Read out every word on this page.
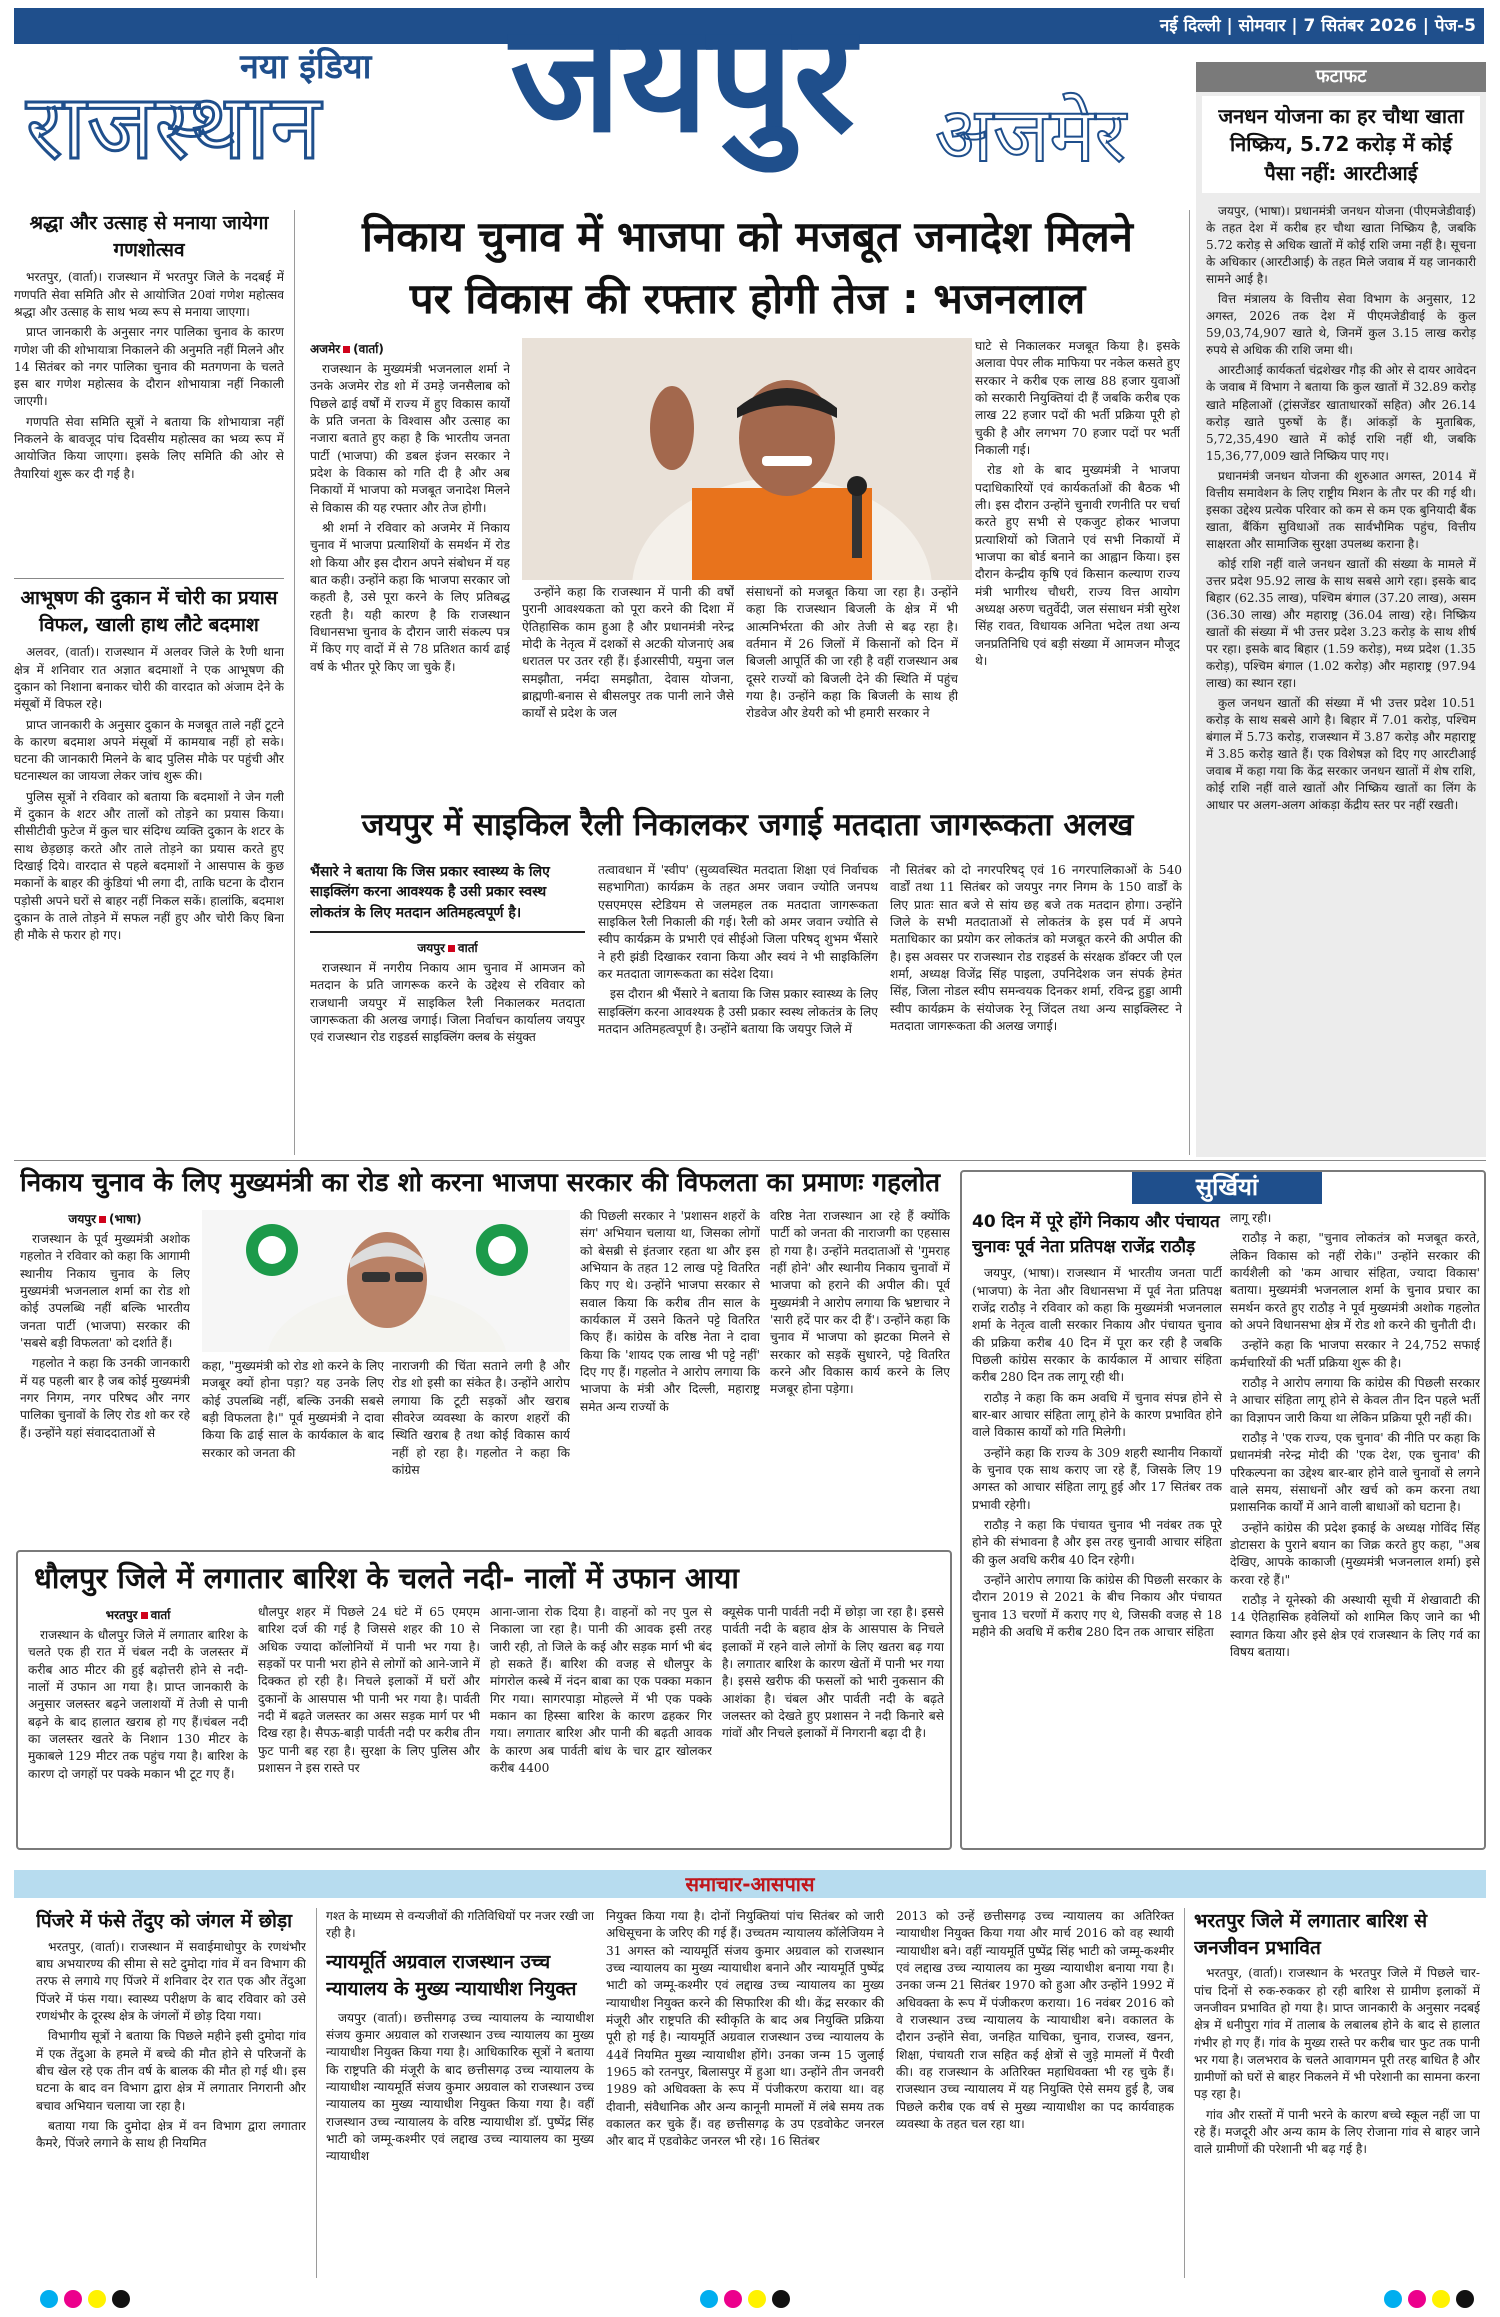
नया इंडिया
राजस्थान जयपुर अजमेर
नई दिल्ली | सोमवार | 7 सितंबर 2026 | पेज-5
फटाफट
जनधन योजना का हर चौथा खाता निष्क्रिय, 5.72 करोड़ में कोई पैसा नहीं: आरटीआई

जयपुर, (भाषा)। प्रधानमंत्री जनधन योजना (पीएमजेडीवाई) के तहत देश में करीब हर चौथा खाता निष्क्रिय है, जबकि 5.72 करोड़ से अधिक खातों में कोई राशि जमा नहीं है। सूचना के अधिकार (आरटीआई) के तहत मिले जवाब में यह जानकारी सामने आई है।

वित्त मंत्रालय के वित्तीय सेवा विभाग के अनुसार, 12 अगस्त, 2026 तक देश में पीएमजेडीवाई के कुल 59,03,74,907 खाते थे, जिनमें कुल 3.15 लाख करोड़ रुपये से अधिक की राशि जमा थी।

आरटीआई कार्यकर्ता चंद्रशेखर गौड़ की ओर से दायर आवेदन के जवाब में विभाग ने बताया कि कुल खातों में 32.89 करोड़ खाते महिलाओं (ट्रांसजेंडर खाताधारकों सहित) और 26.14 करोड़ खाते पुरुषों के हैं। आंकड़ों के मुताबिक, 5,72,35,490 खाते में कोई राशि नहीं थी, जबकि 15,36,77,009 खाते निष्क्रिय पाए गए।

प्रधानमंत्री जनधन योजना की शुरुआत अगस्त, 2014 में वित्तीय समावेशन के लिए राष्ट्रीय मिशन के तौर पर की गई थी। इसका उद्देश्य प्रत्येक परिवार को कम से कम एक बुनियादी बैंक खाता, बैंकिंग सुविधाओं तक सार्वभौमिक पहुंच, वित्तीय साक्षरता और सामाजिक सुरक्षा उपलब्ध कराना है।

कोई राशि नहीं वाले जनधन खातों की संख्या के मामले में उत्तर प्रदेश 95.92 लाख के साथ सबसे आगे रहा। इसके बाद बिहार (62.35 लाख), पश्चिम बंगाल (37.20 लाख), असम (36.30 लाख) और महाराष्ट्र (36.04 लाख) रहे। निष्क्रिय खातों की संख्या में भी उत्तर प्रदेश 3.23 करोड़ के साथ शीर्ष पर रहा। इसके बाद बिहार (1.59 करोड़), मध्य प्रदेश (1.35 करोड़), पश्चिम बंगाल (1.02 करोड़) और महाराष्ट्र (97.94 लाख) का स्थान रहा।

कुल जनधन खातों की संख्या में भी उत्तर प्रदेश 10.51 करोड़ के साथ सबसे आगे है। बिहार में 7.01 करोड़, पश्चिम बंगाल में 5.73 करोड़, राजस्थान में 3.87 करोड़ और महाराष्ट्र में 3.85 करोड़ खाते हैं। एक विशेषज्ञ को दिए गए आरटीआई जवाब में कहा गया कि केंद्र सरकार जनधन खातों में शेष राशि, कोई राशि नहीं वाले खातों और निष्क्रिय खातों का लिंग के आधार पर अलग-अलग आंकड़ा केंद्रीय स्तर पर नहीं रखती।

श्रद्धा और उत्साह से मनाया जायेगा गणशोत्सव

भरतपुर, (वार्ता)। राजस्थान में भरतपुर जिले के नदबई में गणपति सेवा समिति और से आयोजित 20वां गणेश महोत्सव श्रद्धा और उत्साह के साथ भव्य रूप से मनाया जाएगा।

प्राप्त जानकारी के अनुसार नगर पालिका चुनाव के कारण गणेश जी की शोभायात्रा निकालने की अनुमति नहीं मिलने और 14 सितंबर को नगर पालिका चुनाव की मतगणना के चलते इस बार गणेश महोत्सव के दौरान शोभायात्रा नहीं निकाली जाएगी।

गणपति सेवा समिति सूत्रों ने बताया कि शोभायात्रा नहीं निकलने के बावजूद पांच दिवसीय महोत्सव का भव्य रूप में आयोजित किया जाएगा। इसके लिए समिति की ओर से तैयारियां शुरू कर दी गई है।

आभूषण की दुकान में चोरी का प्रयास विफल, खाली हाथ लौटे बदमाश

अलवर, (वार्ता)। राजस्थान में अलवर जिले के रैणी थाना क्षेत्र में शनिवार रात अज्ञात बदमाशों ने एक आभूषण की दुकान को निशाना बनाकर चोरी की वारदात को अंजाम देने के मंसूबों में विफल रहे।

प्राप्त जानकारी के अनुसार दुकान के मजबूत ताले नहीं टूटने के कारण बदमाश अपने मंसूबों में कामयाब नहीं हो सके। घटना की जानकारी मिलने के बाद पुलिस मौके पर पहुंची और घटनास्थल का जायजा लेकर जांच शुरू की।

पुलिस सूत्रों ने रविवार को बताया कि बदमाशों ने जेन गली में दुकान के शटर और तालों को तोड़ने का प्रयास किया। सीसीटीवी फुटेज में कुल चार संदिग्ध व्यक्ति दुकान के शटर के साथ छेड़छाड़ करते और ताले तोड़ने का प्रयास करते हुए दिखाई दिये। वारदात से पहले बदमाशों ने आसपास के कुछ मकानों के बाहर की कुंडियां भी लगा दी, ताकि घटना के दौरान पड़ोसी अपने घरों से बाहर नहीं निकल सकें। हालांकि, बदमाश दुकान के ताले तोड़ने में सफल नहीं हुए और चोरी किए बिना ही मौके से फरार हो गए।

निकाय चुनाव में भाजपा को मजबूत जनादेश मिलने
पर विकास की रफ्तार होगी तेज : भजनलाल
अजमेर (वार्ता)

राजस्थान के मुख्यमंत्री भजनलाल शर्मा ने उनके अजमेर रोड शो में उमड़े जनसैलाब को पिछले ढाई वर्षों में राज्य में हुए विकास कार्यों के प्रति जनता के विश्वास और उत्साह का नजारा बताते हुए कहा है कि भारतीय जनता पार्टी (भाजपा) की डबल इंजन सरकार ने प्रदेश के विकास को गति दी है और अब निकायों में भाजपा को मजबूत जनादेश मिलने से विकास की यह रफ्तार और तेज होगी।

श्री शर्मा ने रविवार को अजमेर में निकाय चुनाव में भाजपा प्रत्याशियों के समर्थन में रोड शो किया और इस दौरान अपने संबोधन में यह बात कही। उन्होंने कहा कि भाजपा सरकार जो कहती है, उसे पूरा करने के लिए प्रतिबद्ध रहती है। यही कारण है कि राजस्थान विधानसभा चुनाव के दौरान जारी संकल्प पत्र में किए गए वादों में से 78 प्रतिशत कार्य ढाई वर्ष के भीतर पूरे किए जा चुके हैं।

उन्होंने कहा कि राजस्थान में पानी की वर्षों पुरानी आवश्यकता को पूरा करने की दिशा में ऐतिहासिक काम हुआ है और प्रधानमंत्री नरेन्द्र मोदी के नेतृत्व में दशकों से अटकी योजनाएं अब धरातल पर उतर रही हैं। ईआरसीपी, यमुना जल समझौता, नर्मदा समझौता, देवास योजना, ब्राह्मणी-बनास से बीसलपुर तक पानी लाने जैसे कार्यों से प्रदेश के जल

संसाधनों को मजबूत किया जा रहा है। उन्होंने कहा कि राजस्थान बिजली के क्षेत्र में भी आत्मनिर्भरता की ओर तेजी से बढ़ रहा है। वर्तमान में 26 जिलों में किसानों को दिन में बिजली आपूर्ति की जा रही है वहीं राजस्थान अब दूसरे राज्यों को बिजली देने की स्थिति में पहुंच गया है। उन्होंने कहा कि बिजली के साथ ही रोडवेज और डेयरी को भी हमारी सरकार ने

घाटे से निकालकर मजबूत किया है। इसके अलावा पेपर लीक माफिया पर नकेल कसते हुए सरकार ने करीब एक लाख 88 हजार युवाओं को सरकारी नियुक्तियां दी हैं जबकि करीब एक लाख 22 हजार पदों की भर्ती प्रक्रिया पूरी हो चुकी है और लगभग 70 हजार पदों पर भर्ती निकाली गई।

रोड शो के बाद मुख्यमंत्री ने भाजपा पदाधिकारियों एवं कार्यकर्ताओं की बैठक भी ली। इस दौरान उन्होंने चुनावी रणनीति पर चर्चा करते हुए सभी से एकजुट होकर भाजपा प्रत्याशियों को जिताने एवं सभी निकायों में भाजपा का बोर्ड बनाने का आह्वान किया। इस दौरान केन्द्रीय कृषि एवं किसान कल्याण राज्य मंत्री भागीरथ चौधरी, राज्य वित्त आयोग अध्यक्ष अरुण चतुर्वेदी, जल संसाधन मंत्री सुरेश सिंह रावत, विधायक अनिता भदेल तथा अन्य जनप्रतिनिधि एवं बड़ी संख्या में आमजन मौजूद थे।

जयपुर में साइकिल रैली निकालकर जगाई मतदाता जागरूकता अलख
भैंसारे ने बताया कि जिस प्रकार स्वास्थ्य के लिए साइक्लिंग करना आवश्यक है उसी प्रकार स्वस्थ लोकतंत्र के लिए मतदान अतिमहत्वपूर्ण है।
जयपुर वार्ता

राजस्थान में नगरीय निकाय आम चुनाव में आमजन को मतदान के प्रति जागरूक करने के उद्देश्य से रविवार को राजधानी जयपुर में साइकिल रैली निकालकर मतदाता जागरूकता की अलख जगाई। जिला निर्वाचन कार्यालय जयपुर एवं राजस्थान रोड राइडर्स साइक्लिंग क्लब के संयुक्त

तत्वावधान में 'स्वीप' (सुव्यवस्थित मतदाता शिक्षा एवं निर्वाचक सहभागिता) कार्यक्रम के तहत अमर जवान ज्योति जनपथ एसएमएस स्टेडियम से जलमहल तक मतदाता जागरूकता साइकिल रैली निकाली की गई। रैली को अमर जवान ज्योति से स्वीप कार्यक्रम के प्रभारी एवं सीईओ जिला परिषद् शुभम भैंसारे ने हरी झंडी दिखाकर रवाना किया और स्वयं ने भी साइकिलिंग कर मतदाता जागरूकता का संदेश दिया।

इस दौरान श्री भैंसारे ने बताया कि जिस प्रकार स्वास्थ्य के लिए साइक्लिंग करना आवश्यक है उसी प्रकार स्वस्थ लोकतंत्र के लिए मतदान अतिमहत्वपूर्ण है। उन्होंने बताया कि जयपुर जिले में

नौ सितंबर को दो नगरपरिषद् एवं 16 नगरपालिकाओं के 540 वार्डों तथा 11 सितंबर को जयपुर नगर निगम के 150 वार्डों के लिए प्रातः सात बजे से सांय छह बजे तक मतदान होगा। उन्होंने जिले के सभी मतदाताओं से लोकतंत्र के इस पर्व में अपने मताधिकार का प्रयोग कर लोकतंत्र को मजबूत करने की अपील की है। इस अवसर पर राजस्थान रोड राइडर्स के संरक्षक डॉक्टर जी एल शर्मा, अध्यक्ष विजेंद्र सिंह पाइला, उपनिदेशक जन संपर्क हेमंत सिंह, जिला नोडल स्वीप समन्वयक दिनकर शर्मा, रविन्द्र हुड्डा आमी स्वीप कार्यक्रम के संयोजक रेनू जिंदल तथा अन्य साइक्लिस्ट ने मतदाता जागरूकता की अलख जगाई।

निकाय चुनाव के लिए मुख्यमंत्री का रोड शो करना भाजपा सरकार की विफलता का प्रमाणः गहलोत
जयपुर (भाषा)

राजस्थान के पूर्व मुख्यमंत्री अशोक गहलोत ने रविवार को कहा कि आगामी स्थानीय निकाय चुनाव के लिए मुख्यमंत्री भजनलाल शर्मा का रोड शो कोई उपलब्धि नहीं बल्कि भारतीय जनता पार्टी (भाजपा) सरकार की 'सबसे बड़ी विफलता' को दर्शाते हैं।

गहलोत ने कहा कि उनकी जानकारी में यह पहली बार है जब कोई मुख्यमंत्री नगर निगम, नगर परिषद और नगर पालिका चुनावों के लिए रोड शो कर रहे हैं। उन्होंने यहां संवाददाताओं से

कहा, "मुख्यमंत्री को रोड शो करने के लिए मजबूर क्यों होना पड़ा? यह उनके लिए कोई उपलब्धि नहीं, बल्कि उनकी सबसे बड़ी विफलता है।" पूर्व मुख्यमंत्री ने दावा किया कि ढाई साल के कार्यकाल के बाद सरकार को जनता की

नाराजगी की चिंता सताने लगी है और रोड शो इसी का संकेत है। उन्होंने आरोप लगाया कि टूटी सड़कों और खराब सीवरेज व्यवस्था के कारण शहरों की स्थिति खराब है तथा कोई विकास कार्य नहीं हो रहा है। गहलोत ने कहा कि कांग्रेस

की पिछली सरकार ने 'प्रशासन शहरों के संग' अभियान चलाया था, जिसका लोगों को बेसब्री से इंतजार रहता था और इस अभियान के तहत 12 लाख पट्टे वितरित किए गए थे। उन्होंने भाजपा सरकार से सवाल किया कि करीब तीन साल के कार्यकाल में उसने कितने पट्टे वितरित किए हैं। कांग्रेस के वरिष्ठ नेता ने दावा किया कि 'शायद एक लाख भी पट्टे नहीं' दिए गए हैं। गहलोत ने आरोप लगाया कि भाजपा के मंत्री और दिल्ली, महाराष्ट्र समेत अन्य राज्यों के

वरिष्ठ नेता राजस्थान आ रहे हैं क्योंकि पार्टी को जनता की नाराजगी का एहसास हो गया है। उन्होंने मतदाताओं से 'गुमराह नहीं होने' और स्थानीय निकाय चुनावों में भाजपा को हराने की अपील की। पूर्व मुख्यमंत्री ने आरोप लगाया कि भ्रष्टाचार ने 'सारी हदें पार कर दी हैं'। उन्होंने कहा कि चुनाव में भाजपा को झटका मिलने से सरकार को सड़कें सुधारने, पट्टे वितरित करने और विकास कार्य करने के लिए मजबूर होना पड़ेगा।

सुर्खियां
40 दिन में पूरे होंगे निकाय और पंचायत चुनावः पूर्व नेता प्रतिपक्ष राजेंद्र राठौड़

जयपुर, (भाषा)। राजस्थान में भारतीय जनता पार्टी (भाजपा) के नेता और विधानसभा में पूर्व नेता प्रतिपक्ष राजेंद्र राठौड़ ने रविवार को कहा कि मुख्यमंत्री भजनलाल शर्मा के नेतृत्व वाली सरकार निकाय और पंचायत चुनाव की प्रक्रिया करीब 40 दिन में पूरा कर रही है जबकि पिछली कांग्रेस सरकार के कार्यकाल में आचार संहिता करीब 280 दिन तक लागू रही थी।

राठौड़ ने कहा कि कम अवधि में चुनाव संपन्न होने से बार-बार आचार संहिता लागू होने के कारण प्रभावित होने वाले विकास कार्यों को गति मिलेगी।

उन्होंने कहा कि राज्य के 309 शहरी स्थानीय निकायों के चुनाव एक साथ कराए जा रहे हैं, जिसके लिए 19 अगस्त को आचार संहिता लागू हुई और 17 सितंबर तक प्रभावी रहेगी।

राठौड़ ने कहा कि पंचायत चुनाव भी नवंबर तक पूरे होने की संभावना है और इस तरह चुनावी आचार संहिता की कुल अवधि करीब 40 दिन रहेगी।

उन्होंने आरोप लगाया कि कांग्रेस की पिछली सरकार के दौरान 2019 से 2021 के बीच निकाय और पंचायत चुनाव 13 चरणों में कराए गए थे, जिसकी वजह से 18 महीने की अवधि में करीब 280 दिन तक आचार संहिता

लागू रही।

राठौड़ ने कहा, "चुनाव लोकतंत्र को मजबूत करते, लेकिन विकास को नहीं रोके।" उन्होंने सरकार की कार्यशैली को 'कम आचार संहिता, ज्यादा विकास' बताया। मुख्यमंत्री भजनलाल शर्मा के चुनाव प्रचार का समर्थन करते हुए राठौड़ ने पूर्व मुख्यमंत्री अशोक गहलोत को अपने विधानसभा क्षेत्र में रोड शो करने की चुनौती दी।

उन्होंने कहा कि भाजपा सरकार ने 24,752 सफाई कर्मचारियों की भर्ती प्रक्रिया शुरू की है।

राठौड़ ने आरोप लगाया कि कांग्रेस की पिछली सरकार ने आचार संहिता लागू होने से केवल तीन दिन पहले भर्ती का विज्ञापन जारी किया था लेकिन प्रक्रिया पूरी नहीं की।

राठौड़ ने 'एक राज्य, एक चुनाव' की नीति पर कहा कि प्रधानमंत्री नरेन्द्र मोदी की 'एक देश, एक चुनाव' की परिकल्पना का उद्देश्य बार-बार होने वाले चुनावों से लगने वाले समय, संसाधनों और खर्च को कम करना तथा प्रशासनिक कार्यों में आने वाली बाधाओं को घटाना है।

उन्होंने कांग्रेस की प्रदेश इकाई के अध्यक्ष गोविंद सिंह डोटासरा के पुराने बयान का जिक्र करते हुए कहा, "अब देखिए, आपके काकाजी (मुख्यमंत्री भजनलाल शर्मा) इसे करवा रहे हैं।"

राठौड़ ने यूनेस्को की अस्थायी सूची में शेखावाटी की 14 ऐतिहासिक हवेलियों को शामिल किए जाने का भी स्वागत किया और इसे क्षेत्र एवं राजस्थान के लिए गर्व का विषय बताया।

धौलपुर जिले में लगातार बारिश के चलते नदी- नालों में उफान आया
भरतपुर वार्ता

राजस्थान के धौलपुर जिले में लगातार बारिश के चलते एक ही रात में चंबल नदी के जलस्तर में करीब आठ मीटर की हुई बढ़ोत्तरी होने से नदी-नालों में उफान आ गया है। प्राप्त जानकारी के अनुसार जलस्तर बढ़ने जलाशयों में तेजी से पानी बढ़ने के बाद हालात खराब हो गए हैं।चंबल नदी का जलस्तर खतरे के निशान 130 मीटर के मुकाबले 129 मीटर तक पहुंच गया है। बारिश के कारण दो जगहों पर पक्के मकान भी टूट गए हैं।

धौलपुर शहर में पिछले 24 घंटे में 65 एमएम बारिश दर्ज की गई है जिससे शहर की 10 से अधिक ज्यादा कॉलोनियों में पानी भर गया है। सड़कों पर पानी भरा होने से लोगों को आने-जाने में दिक्कत हो रही है। निचले इलाकों में घरों और दुकानों के आसपास भी पानी भर गया है। पार्वती नदी में बढ़ते जलस्तर का असर सड़क मार्ग पर भी दिख रहा है। सैपऊ-बाड़ी पार्वती नदी पर करीब तीन फुट पानी बह रहा है। सुरक्षा के लिए पुलिस और प्रशासन ने इस रास्ते पर

आना-जाना रोक दिया है। वाहनों को नए पुल से निकाला जा रहा है। पानी की आवक इसी तरह जारी रही, तो जिले के कई और सड़क मार्ग भी बंद हो सकते हैं। बारिश की वजह से धौलपुर के मांगरोल कस्बे में नंदन बाबा का एक पक्का मकान गिर गया। सागरपाड़ा मोहल्ले में भी एक पक्के मकान का हिस्सा बारिश के कारण ढहकर गिर गया। लगातार बारिश और पानी की बढ़ती आवक के कारण अब पार्वती बांध के चार द्वार खोलकर करीब 4400

क्यूसेक पानी पार्वती नदी में छोड़ा जा रहा है। इससे पार्वती नदी के बहाव क्षेत्र के आसपास के निचले इलाकों में रहने वाले लोगों के लिए खतरा बढ़ गया है। लगातार बारिश के कारण खेतों में पानी भर गया है। इससे खरीफ की फसलों को भारी नुकसान की आशंका है। चंबल और पार्वती नदी के बढ़ते जलस्तर को देखते हुए प्रशासन ने नदी किनारे बसे गांवों और निचले इलाकों में निगरानी बढ़ा दी है।

समाचार-आसपास
पिंजरे में फंसे तेंदुए को जंगल में छोड़ा

भरतपुर, (वार्ता)। राजस्थान में सवाईमाधोपुर के रणथंभौर बाघ अभयारण्य की सीमा से सटे दुमोदा गांव में वन विभाग की तरफ से लगाये गए पिंजरे में शनिवार देर रात एक और तेंदुआ पिंजरे में फंस गया। स्वास्थ्य परीक्षण के बाद रविवार को उसे रणथंभौर के दूरस्थ क्षेत्र के जंगलों में छोड़ दिया गया।

विभागीय सूत्रों ने बताया कि पिछले महीने इसी दुमोदा गांव में एक तेंदुआ के हमले में बच्चे की मौत होने से परिजनों के बीच खेल रहे एक तीन वर्ष के बालक की मौत हो गई थी। इस घटना के बाद वन विभाग द्वारा क्षेत्र में लगातार निगरानी और बचाव अभियान चलाया जा रहा है।

बताया गया कि दुमोदा क्षेत्र में वन विभाग द्वारा लगातार कैमरे, पिंजरे लगाने के साथ ही नियमित

गश्त के माध्यम से वन्यजीवों की गतिविधियों पर नजर रखी जा रही है।

न्यायमूर्ति अग्रवाल राजस्थान उच्च न्यायालय के मुख्य न्यायाधीश नियुक्त

जयपुर (वार्ता)। छत्तीसगढ़ उच्च न्यायालय के न्यायाधीश संजय कुमार अग्रवाल को राजस्थान उच्च न्यायालय का मुख्य न्यायाधीश नियुक्त किया गया है। आधिकारिक सूत्रों ने बताया कि राष्ट्रपति की मंजूरी के बाद छत्तीसगढ़ उच्च न्यायालय के न्यायाधीश न्यायमूर्ति संजय कुमार अग्रवाल को राजस्थान उच्च न्यायालय का मुख्य न्यायाधीश नियुक्त किया गया है। वहीं राजस्थान उच्च न्यायालय के वरिष्ठ न्यायाधीश डॉ. पुष्पेंद्र सिंह भाटी को जम्मू-कश्मीर एवं लद्दाख उच्च न्यायालय का मुख्य न्यायाधीश

नियुक्त किया गया है। दोनों नियुक्तियां पांच सितंबर को जारी अधिसूचना के जरिए की गई हैं। उच्चतम न्यायालय कॉलेजियम ने 31 अगस्त को न्यायमूर्ति संजय कुमार अग्रवाल को राजस्थान उच्च न्यायालय का मुख्य न्यायाधीश बनाने और न्यायमूर्ति पुष्पेंद्र भाटी को जम्मू-कश्मीर एवं लद्दाख उच्च न्यायालय का मुख्य न्यायाधीश नियुक्त करने की सिफारिश की थी। केंद्र सरकार की मंजूरी और राष्ट्रपति की स्वीकृति के बाद अब नियुक्ति प्रक्रिया पूरी हो गई है। न्यायमूर्ति अग्रवाल राजस्थान उच्च न्यायालय के 44वें नियमित मुख्य न्यायाधीश होंगे। उनका जन्म 15 जुलाई 1965 को रतनपुर, बिलासपुर में हुआ था। उन्होंने तीन जनवरी 1989 को अधिवक्ता के रूप में पंजीकरण कराया था। वह दीवानी, संवैधानिक और अन्य कानूनी मामलों में लंबे समय तक वकालत कर चुके हैं। वह छत्तीसगढ़ के उप एडवोकेट जनरल और बाद में एडवोकेट जनरल भी रहे। 16 सितंबर

2013 को उन्हें छत्तीसगढ़ उच्च न्यायालय का अतिरिक्त न्यायाधीश नियुक्त किया गया और मार्च 2016 को वह स्थायी न्यायाधीश बने। वहीं न्यायमूर्ति पुष्पेंद्र सिंह भाटी को जम्मू-कश्मीर एवं लद्दाख उच्च न्यायालय का मुख्य न्यायाधीश बनाया गया है। उनका जन्म 21 सितंबर 1970 को हुआ और उन्होंने 1992 में अधिवक्ता के रूप में पंजीकरण कराया। 16 नवंबर 2016 को वे राजस्थान उच्च न्यायालय के न्यायाधीश बने। वकालत के दौरान उन्होंने सेवा, जनहित याचिका, चुनाव, राजस्व, खनन, शिक्षा, पंचायती राज सहित कई क्षेत्रों से जुड़े मामलों में पैरवी की। वह राजस्थान के अतिरिक्त महाधिवक्ता भी रह चुके हैं। राजस्थान उच्च न्यायालय में यह नियुक्ति ऐसे समय हुई है, जब पिछले करीब एक वर्ष से मुख्य न्यायाधीश का पद कार्यवाहक व्यवस्था के तहत चल रहा था।

भरतपुर जिले में लगातार बारिश से जनजीवन प्रभावित

भरतपुर, (वार्ता)। राजस्थान के भरतपुर जिले में पिछले चार-पांच दिनों से रुक-रुककर हो रही बारिश से ग्रामीण इलाकों में जनजीवन प्रभावित हो गया है। प्राप्त जानकारी के अनुसार नदबई क्षेत्र में धनीपुरा गांव में तालाब के लबालब होने के बाद से हालात गंभीर हो गए हैं। गांव के मुख्य रास्ते पर करीब चार फुट तक पानी भर गया है। जलभराव के चलते आवागमन पूरी तरह बाधित है और ग्रामीणों को घरों से बाहर निकलने में भी परेशानी का सामना करना पड़ रहा है।

गांव और रास्तों में पानी भरने के कारण बच्चे स्कूल नहीं जा पा रहे हैं। मजदूरी और अन्य काम के लिए रोजाना गांव से बाहर जाने वाले ग्रामीणों की परेशानी भी बढ़ गई है।
